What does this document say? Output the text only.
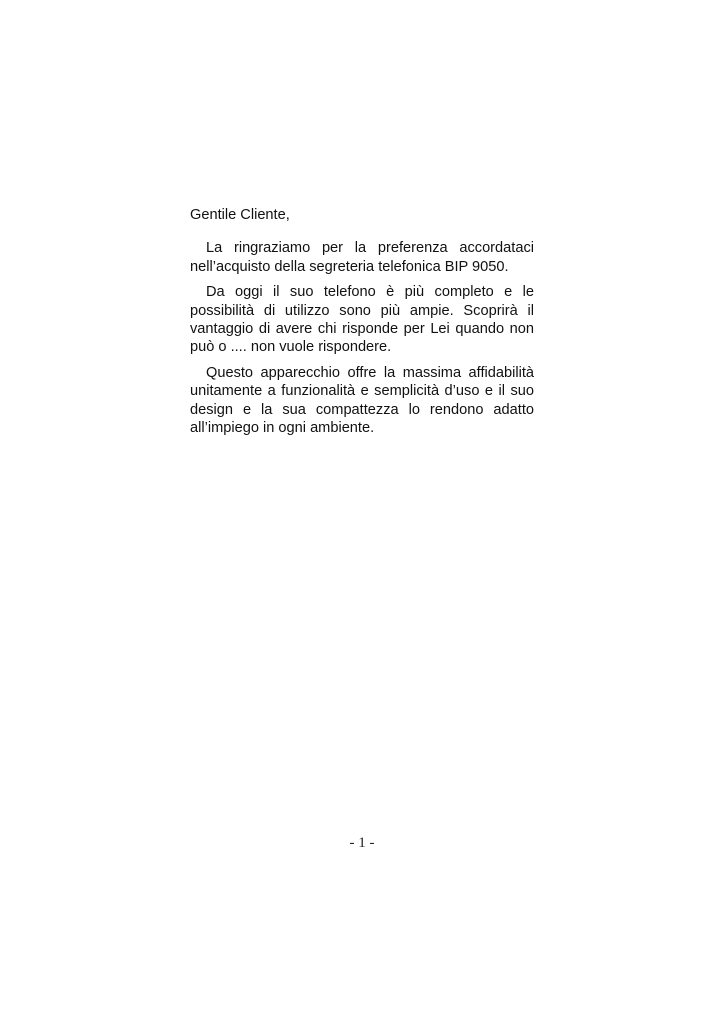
Gentile Cliente,

La ringraziamo per la preferenza accordataci nell’acquisto della segreteria telefonica BIP 9050.

Da oggi il suo telefono è più completo e le possibilità di utilizzo sono più ampie. Scoprirà il vantaggio di avere chi risponde per Lei quando non può o .... non vuole rispondere.

Questo apparecchio offre la massima affidabilità unitamente a funzionalità e semplicità d’uso e il suo design e la sua compattezza lo rendono adatto all’impiego in ogni ambiente.

- 1 -
